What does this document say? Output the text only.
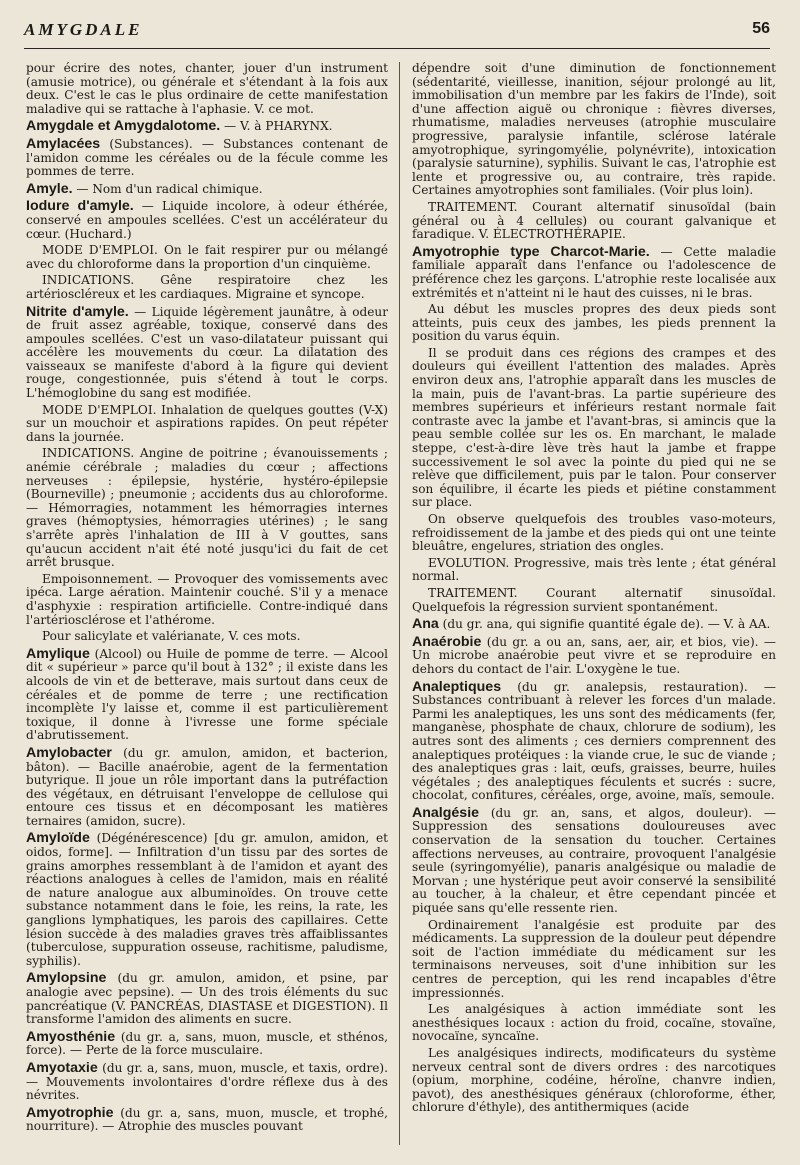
AMYGDALE	56

pour écrire des notes, chanter, jouer d'un instrument (amusie motrice), ou générale et s'étendant à la fois aux deux. C'est le cas le plus ordinaire de cette manifestation maladive qui se rattache à l'aphasie. V. ce mot.

Amygdale et Amygdalotome. — V. à PHARYNX.

Amylacées (Substances). — Substances contenant de l'amidon comme les céréales ou de la fécule comme les pommes de terre.

Amyle. — Nom d'un radical chimique.

Iodure d'amyle. — Liquide incolore, à odeur éthérée, conservé en ampoules scellées. C'est un accélérateur du cœur. (Huchard.)

MODE D'EMPLOI. On le fait respirer pur ou mélangé avec du chloroforme dans la proportion d'un cinquième.

INDICATIONS. Gêne respiratoire chez les artérioscléreux et les cardiaques. Migraine et syncope.

Nitrite d'amyle. — Liquide légèrement jaunâtre, à odeur de fruit assez agréable, toxique, conservé dans des ampoules scellées. C'est un vaso-dilatateur puissant qui accélère les mouvements du cœur. La dilatation des vaisseaux se manifeste d'abord à la figure qui devient rouge, congestionnée, puis s'étend à tout le corps. L'hémoglobine du sang est modifiée.

MODE D'EMPLOI. Inhalation de quelques gouttes (V-X) sur un mouchoir et aspirations rapides. On peut répéter dans la journée.

INDICATIONS. Angine de poitrine ; évanouissements ; anémie cérébrale ; maladies du cœur ; affections nerveuses : épilepsie, hystérie, hystéro-épilepsie (Bourneville) ; pneumonie ; accidents dus au chloroforme. — Hémorragies, notamment les hémorragies internes graves (hémoptysies, hémorragies utérines) ; le sang s'arrête après l'inhalation de III à V gouttes, sans qu'aucun accident n'ait été noté jusqu'ici du fait de cet arrêt brusque.

Empoisonnement. — Provoquer des vomissements avec ipéca. Large aération. Maintenir couché. S'il y a menace d'asphyxie : respiration artificielle. Contre-indiqué dans l'artériosclérose et l'athérome.

Pour salicylate et valérianate, V. ces mots.

Amylique (Alcool) ou Huile de pomme de terre. — Alcool dit « supérieur » parce qu'il bout à 132° ; il existe dans les alcools de vin et de betterave, mais surtout dans ceux de céréales et de pomme de terre ; une rectification incomplète l'y laisse et, comme il est particulièrement toxique, il donne à l'ivresse une forme spéciale d'abrutissement.

Amylobacter (du gr. amulon, amidon, et bacterion, bâton). — Bacille anaérobie, agent de la fermentation butyrique. Il joue un rôle important dans la putréfaction des végétaux, en détruisant l'enveloppe de cellulose qui entoure ces tissus et en décomposant les matières ternaires (amidon, sucre).

Amyloïde (Dégénérescence) [du gr. amulon, amidon, et oidos, forme]. — Infiltration d'un tissu par des sortes de grains amorphes ressemblant à de l'amidon et ayant des réactions analogues à celles de l'amidon, mais en réalité de nature analogue aux albuminoïdes. On trouve cette substance notamment dans le foie, les reins, la rate, les ganglions lymphatiques, les parois des capillaires. Cette lésion succède à des maladies graves très affaiblissantes (tuberculose, suppuration osseuse, rachitisme, paludisme, syphilis).

Amylopsine (du gr. amulon, amidon, et psine, par analogie avec pepsine). — Un des trois éléments du suc pancréatique (V. PANCRÉAS, DIASTASE et DIGESTION). Il transforme l'amidon des aliments en sucre.

Amyosthénie (du gr. a, sans, muon, muscle, et sthénos, force). — Perte de la force musculaire.

Amyotaxie (du gr. a, sans, muon, muscle, et taxis, ordre). — Mouvements involontaires d'ordre réflexe dus à des névrites.

Amyotrophie (du gr. a, sans, muon, muscle, et trophé, nourriture). — Atrophie des muscles pouvant

dépendre soit d'une diminution de fonctionnement (sédentarité, vieillesse, inanition, séjour prolongé au lit, immobilisation d'un membre par les fakirs de l'Inde), soit d'une affection aiguë ou chronique : fièvres diverses, rhumatisme, maladies nerveuses (atrophie musculaire progressive, paralysie infantile, sclérose latérale amyotrophique, syringomyélie, polynévrite), intoxication (paralysie saturnine), syphilis. Suivant le cas, l'atrophie est lente et progressive ou, au contraire, très rapide. Certaines amyotrophies sont familiales. (Voir plus loin).

TRAITEMENT. Courant alternatif sinusoïdal (bain général ou à 4 cellules) ou courant galvanique et faradique. V. ÉLECTROTHÉRAPIE.

Amyotrophie type Charcot-Marie. — Cette maladie familiale apparaît dans l'enfance ou l'adolescence de préférence chez les garçons. L'atrophie reste localisée aux extrémités et n'atteint ni le haut des cuisses, ni le bras.

Au début les muscles propres des deux pieds sont atteints, puis ceux des jambes, les pieds prennent la position du varus équin.

Il se produit dans ces régions des crampes et des douleurs qui éveillent l'attention des malades. Après environ deux ans, l'atrophie apparaît dans les muscles de la main, puis de l'avant-bras. La partie supérieure des membres supérieurs et inférieurs restant normale fait contraste avec la jambe et l'avant-bras, si amincis que la peau semble collée sur les os. En marchant, le malade steppe, c'est-à-dire lève très haut la jambe et frappe successivement le sol avec la pointe du pied qui ne se relève que difficilement, puis par le talon. Pour conserver son équilibre, il écarte les pieds et piétine constamment sur place.

On observe quelquefois des troubles vaso-moteurs, refroidissement de la jambe et des pieds qui ont une teinte bleuâtre, engelures, striation des ongles.

EVOLUTION. Progressive, mais très lente ; état général normal.

TRAITEMENT. Courant alternatif sinusoïdal. Quelquefois la régression survient spontanément.

Ana (du gr. ana, qui signifie quantité égale de). — V. à AA.

Anaérobie (du gr. a ou an, sans, aer, air, et bios, vie). — Un microbe anaérobie peut vivre et se reproduire en dehors du contact de l'air. L'oxygène le tue.

Analeptiques (du gr. analepsis, restauration). — Substances contribuant à relever les forces d'un malade. Parmi les analeptiques, les uns sont des médicaments (fer, manganèse, phosphate de chaux, chlorure de sodium), les autres sont des aliments ; ces derniers comprennent des analeptiques protéiques : la viande crue, le suc de viande ; des analeptiques gras : lait, œufs, graisses, beurre, huiles végétales ; des analeptiques féculents et sucrés : sucre, chocolat, confitures, céréales, orge, avoine, maïs, semoule.

Analgésie (du gr. an, sans, et algos, douleur). — Suppression des sensations douloureuses avec conservation de la sensation du toucher. Certaines affections nerveuses, au contraire, provoquent l'analgésie seule (syringomyélie), panaris analgésique ou maladie de Morvan ; une hystérique peut avoir conservé la sensibilité au toucher, à la chaleur, et être cependant pincée et piquée sans qu'elle ressente rien.

Ordinairement l'analgésie est produite par des médicaments. La suppression de la douleur peut dépendre soit de l'action immédiate du médicament sur les terminaisons nerveuses, soit d'une inhibition sur les centres de perception, qui les rend incapables d'être impressionnés.

Les analgésiques à action immédiate sont les anesthésiques locaux : action du froid, cocaïne, stovaïne, novocaïne, syncaïne.

Les analgésiques indirects, modificateurs du système nerveux central sont de divers ordres : des narcotiques (opium, morphine, codéine, héroïne, chanvre indien, pavot), des anesthésiques généraux (chloroforme, éther, chlorure d'éthyle), des antithermiques (acide
